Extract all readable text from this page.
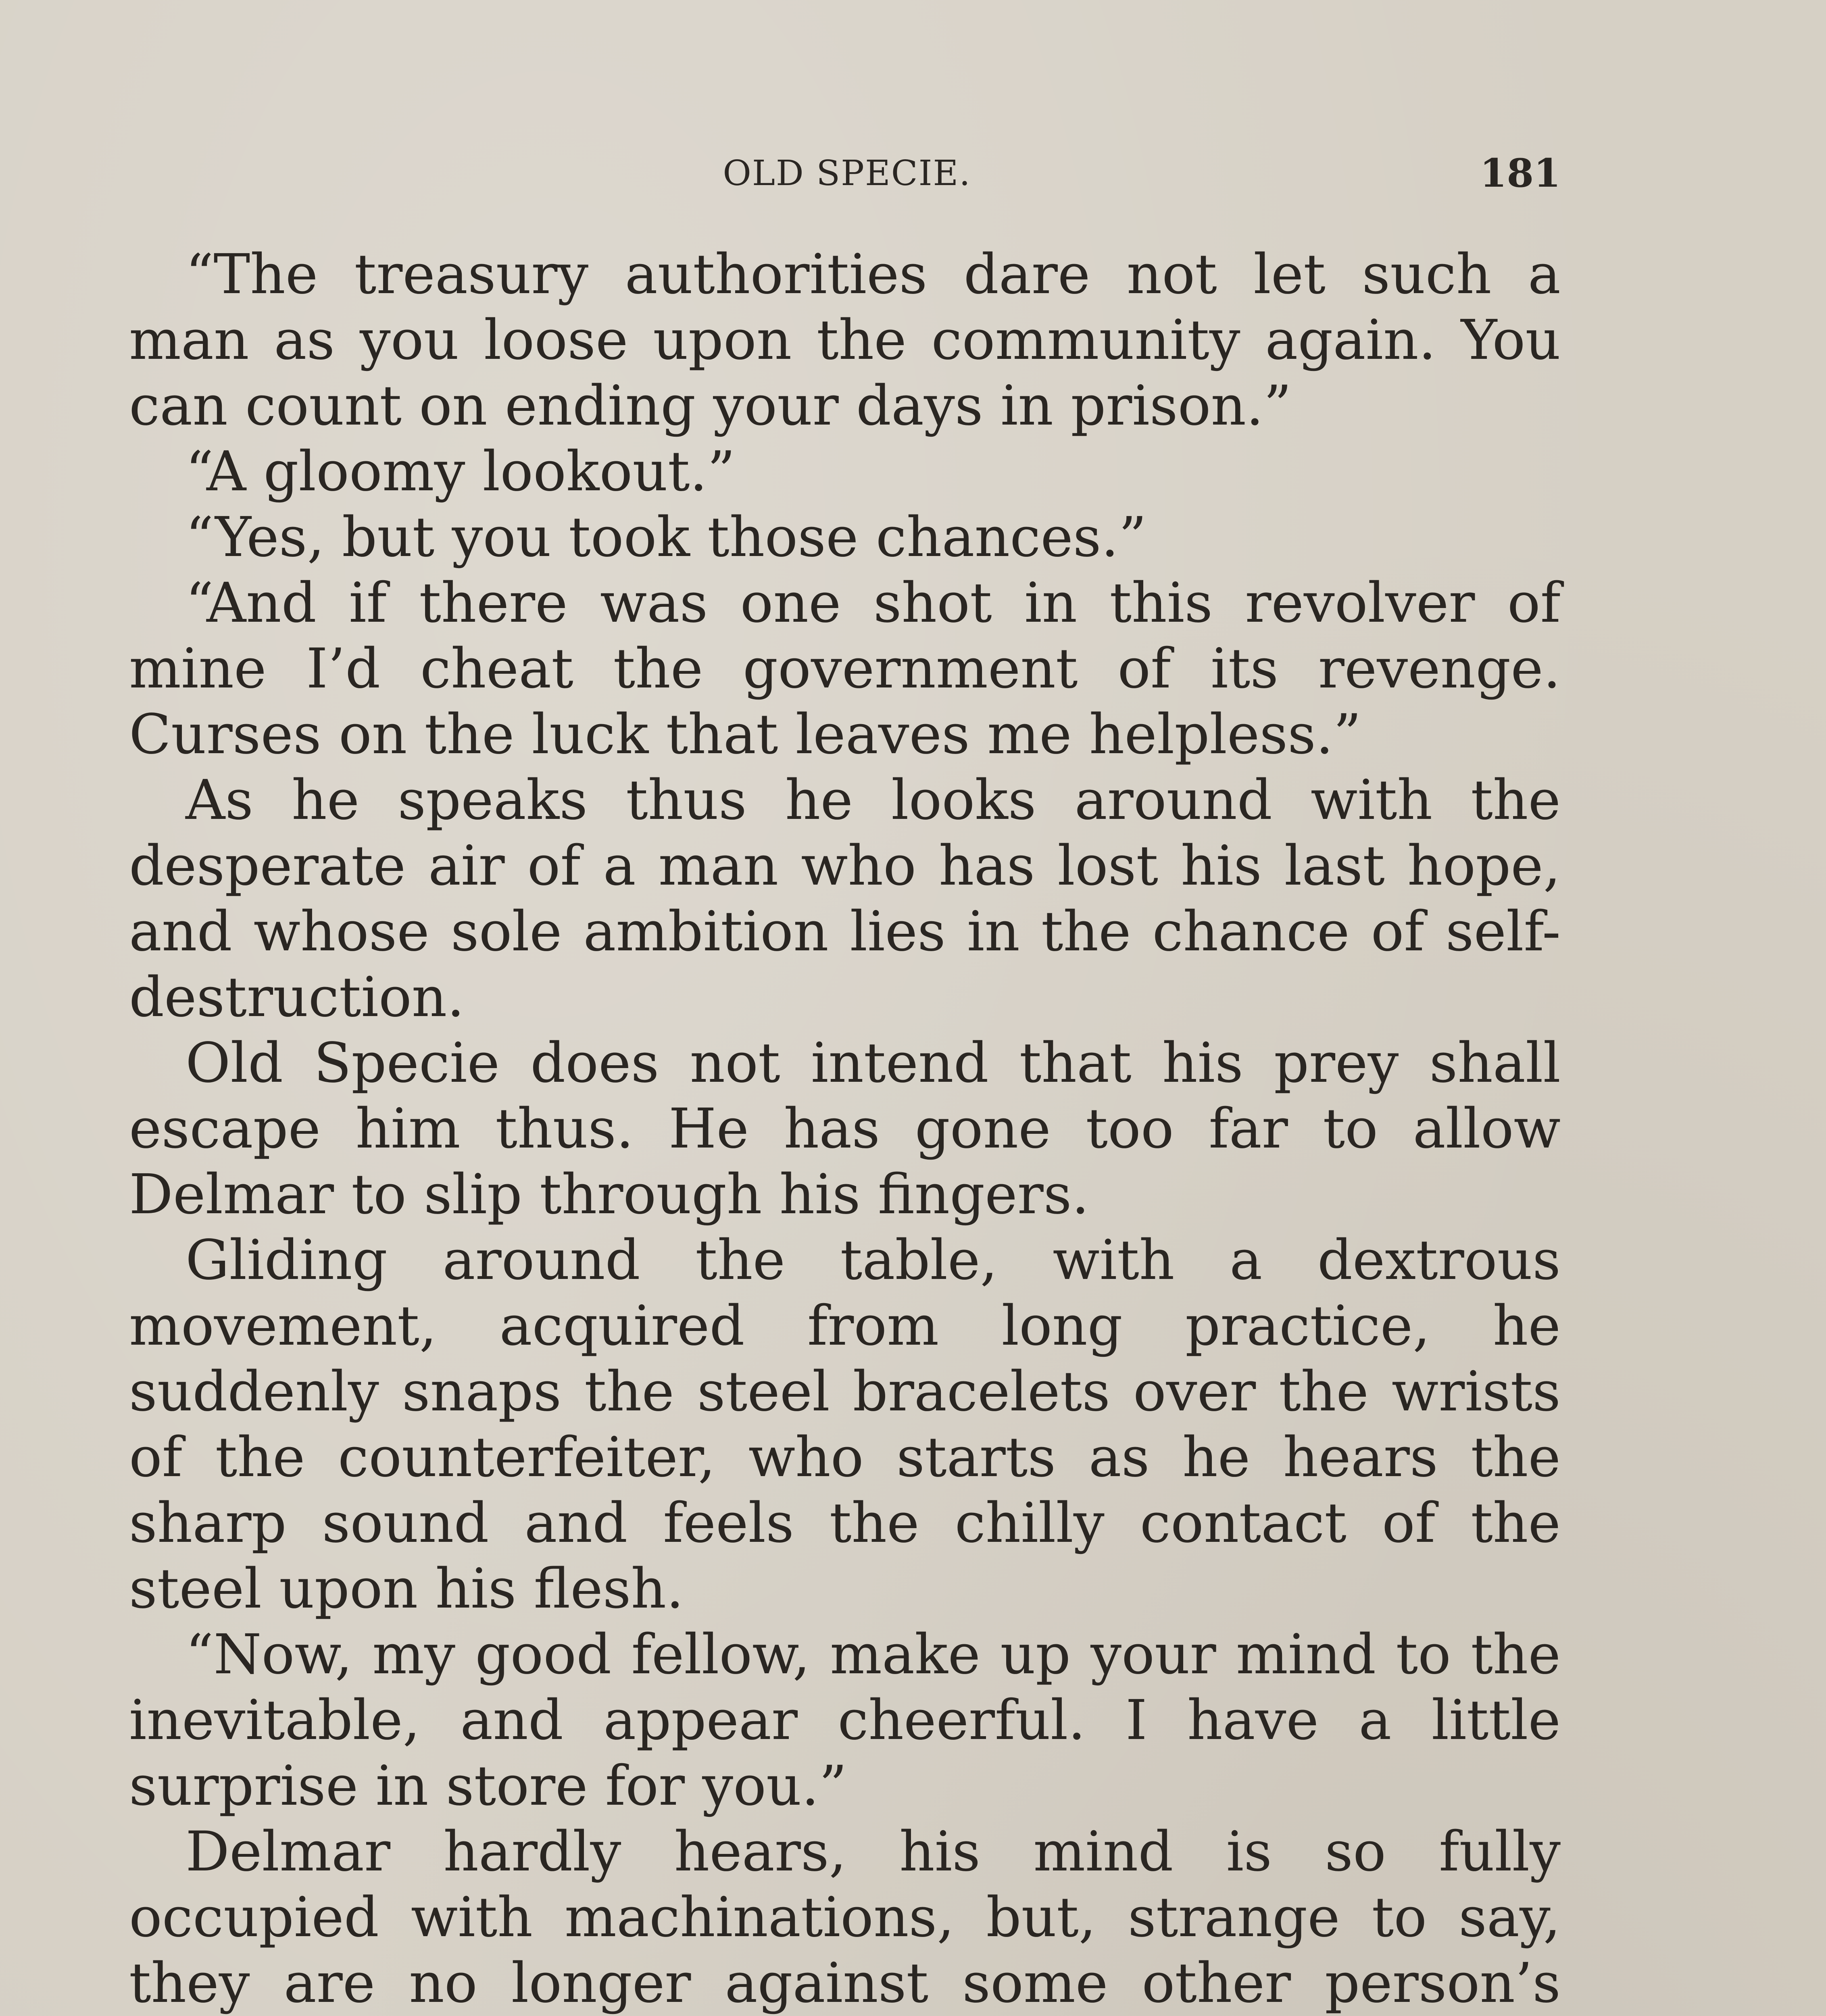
OLD SPECIE.	181

“The treasury authorities dare not let such a man as you loose upon the community again. You can count on ending your days in prison.”

“A gloomy lookout.”

“Yes, but you took those chances.”

“And if there was one shot in this revolver of mine I’d cheat the government of its revenge. Curses on the luck that leaves me helpless.”

As he speaks thus he looks around with the desperate air of a man who has lost his last hope, and whose sole ambition lies in the chance of self-destruction.

Old Specie does not intend that his prey shall escape him thus. He has gone too far to allow Delmar to slip through his fingers.

Gliding around the table, with a dextrous movement, acquired from long practice, he suddenly snaps the steel bracelets over the wrists of the counterfeiter, who starts as he hears the sharp sound and feels the chilly contact of the steel upon his flesh.

“Now, my good fellow, make up your mind to the inevitable, and appear cheerful. I have a little surprise in store for you.”

Delmar hardly hears, his mind is so fully occupied with machinations, but, strange to say, they are no longer against some other person’s
